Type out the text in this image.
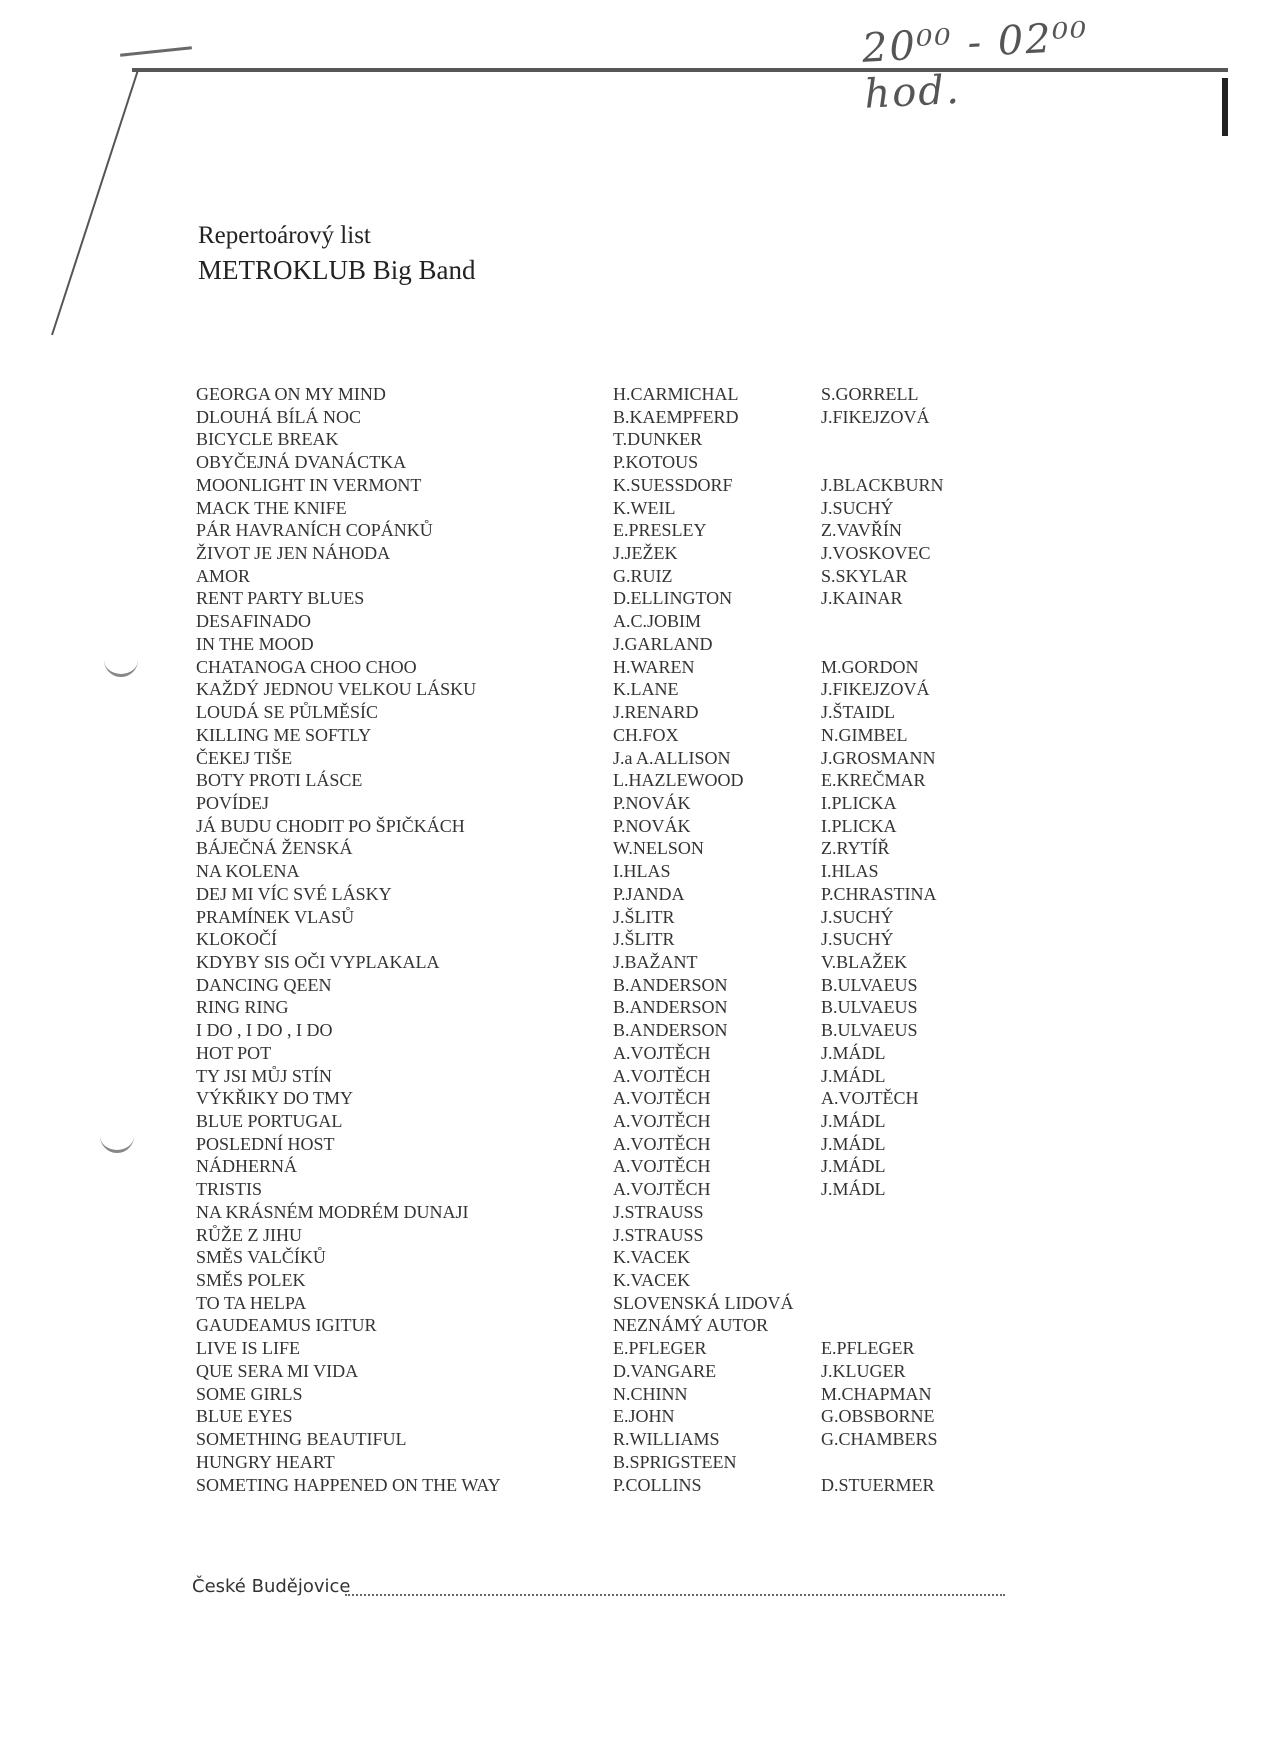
20⁰⁰ - 02⁰⁰ hod.
Repertoárový list
METROKLUB Big Band
GEORGA ON MY MIND	H.CARMICHAL	S.GORRELL
DLOUHÁ BÍLÁ NOC	B.KAEMPFERD	J.FIKEJZOVÁ
BICYCLE BREAK	T.DUNKER
OBYČEJNÁ DVANÁCTKA	P.KOTOUS
MOONLIGHT IN VERMONT	K.SUESSDORF	J.BLACKBURN
MACK THE KNIFE	K.WEIL	J.SUCHÝ
PÁR HAVRANÍCH COPÁNKŮ	E.PRESLEY	Z.VAVŘÍN
ŽIVOT JE JEN NÁHODA	J.JEŽEK	J.VOSKOVEC
AMOR	G.RUIZ	S.SKYLAR
RENT PARTY BLUES	D.ELLINGTON	J.KAINAR
DESAFINADO	A.C.JOBIM
IN THE MOOD	J.GARLAND
CHATANOGA CHOO CHOO	H.WAREN	M.GORDON
KAŽDÝ JEDNOU VELKOU LÁSKU	K.LANE	J.FIKEJZOVÁ
LOUDÁ SE PŮLMĚSÍC	J.RENARD	J.ŠTAIDL
KILLING ME SOFTLY	CH.FOX	N.GIMBEL
ČEKEJ TIŠE	J.a A.ALLISON	J.GROSMANN
BOTY PROTI LÁSCE	L.HAZLEWOOD	E.KREČMAR
POVÍDEJ	P.NOVÁK	I.PLICKA
JÁ BUDU CHODIT PO ŠPIČKÁCH	P.NOVÁK	I.PLICKA
BÁJEČNÁ ŽENSKÁ	W.NELSON	Z.RYTÍŘ
NA KOLENA	I.HLAS	I.HLAS
DEJ MI VÍC SVÉ LÁSKY	P.JANDA	P.CHRASTINA
PRAMÍNEK VLASŮ	J.ŠLITR	J.SUCHÝ
KLOKOČÍ	J.ŠLITR	J.SUCHÝ
KDYBY SIS OČI VYPLAKALA	J.BAŽANT	V.BLAŽEK
DANCING QEEN	B.ANDERSON	B.ULVAEUS
RING RING	B.ANDERSON	B.ULVAEUS
I DO , I DO , I DO	B.ANDERSON	B.ULVAEUS
HOT POT	A.VOJTĚCH	J.MÁDL
TY JSI MŮJ STÍN	A.VOJTĚCH	J.MÁDL
VÝKŘIKY DO TMY	A.VOJTĚCH	A.VOJTĚCH
BLUE PORTUGAL	A.VOJTĚCH	J.MÁDL
POSLEDNÍ HOST	A.VOJTĚCH	J.MÁDL
NÁDHERNÁ	A.VOJTĚCH	J.MÁDL
TRISTIS	A.VOJTĚCH	J.MÁDL
NA KRÁSNÉM MODRÉM DUNAJI	J.STRAUSS
RŮŽE Z JIHU	J.STRAUSS
SMĚS VALČÍKŮ	K.VACEK
SMĚS POLEK	K.VACEK
TO TA HELPA	SLOVENSKÁ LIDOVÁ
GAUDEAMUS IGITUR	NEZNÁMÝ AUTOR
LIVE IS LIFE	E.PFLEGER	E.PFLEGER
QUE SERA MI VIDA	D.VANGARE	J.KLUGER
SOME GIRLS	N.CHINN	M.CHAPMAN
BLUE EYES	E.JOHN	G.OBSBORNE
SOMETHING BEAUTIFUL	R.WILLIAMS	G.CHAMBERS
HUNGRY HEART	B.SPRIGSTEEN
SOMETING HAPPENED ON THE WAY	P.COLLINS	D.STUERMER
České Budějovice
